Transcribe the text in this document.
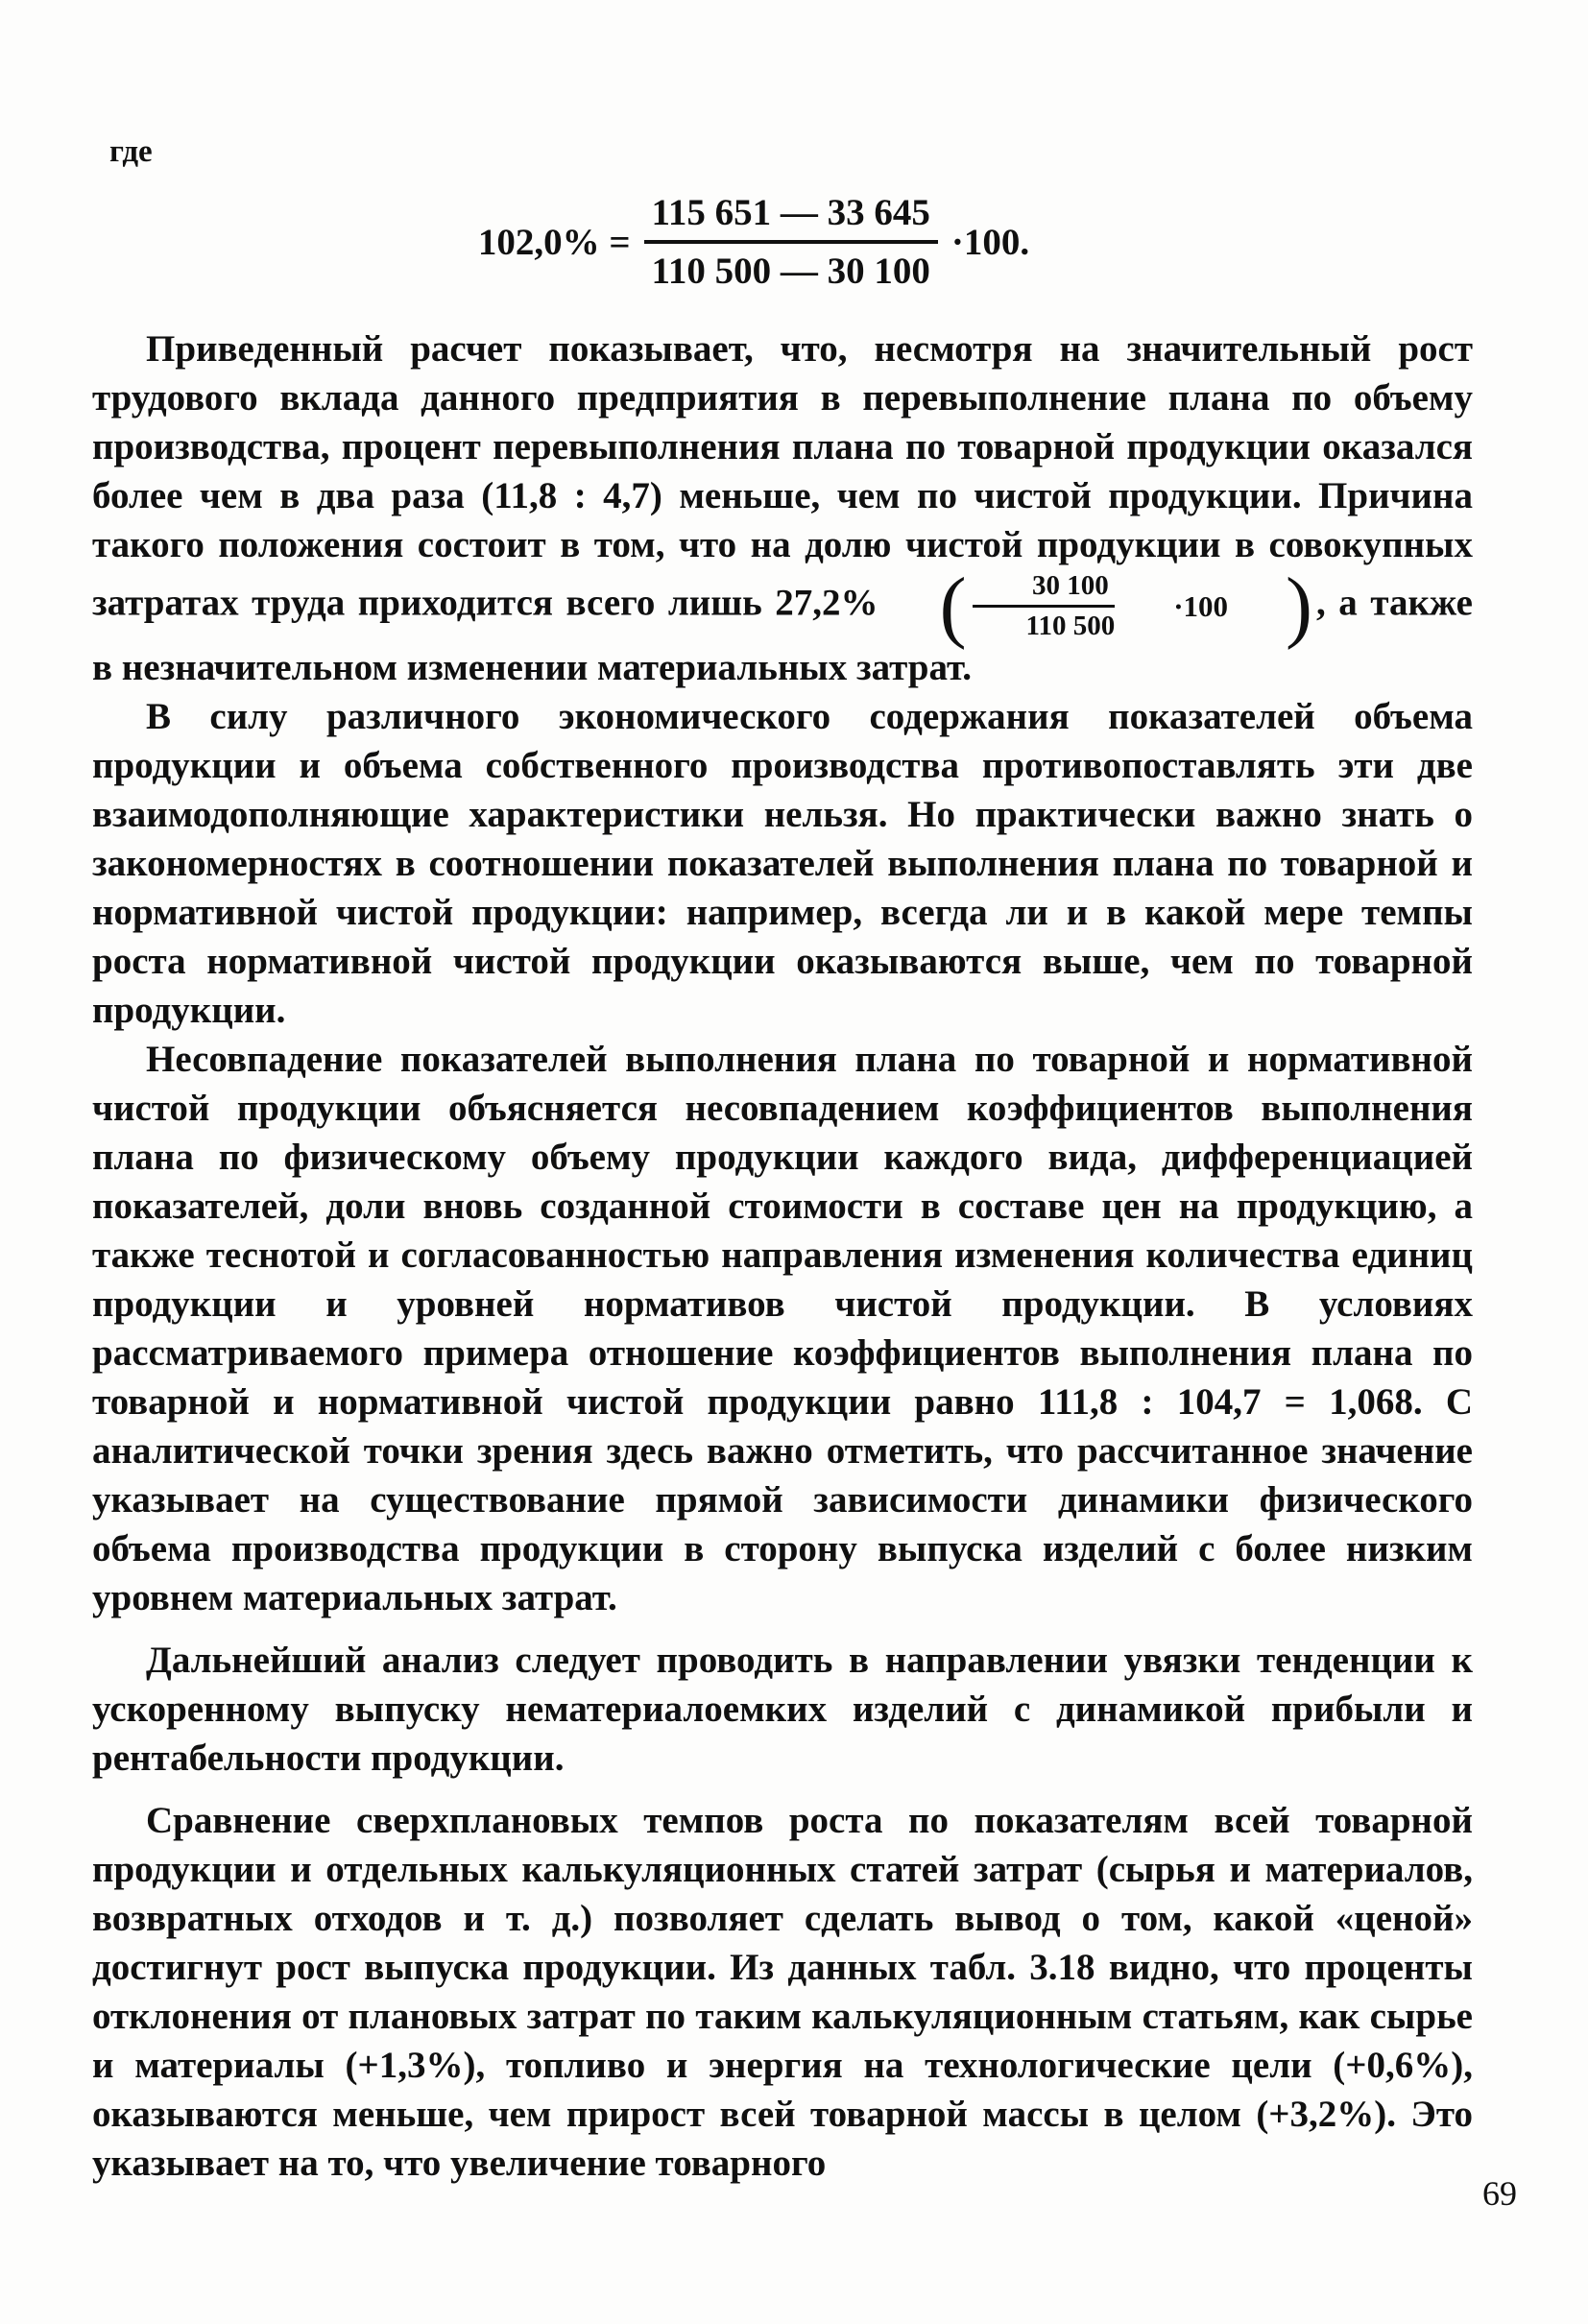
где
$102,0\% = \frac{115 651 — 33 645}{110 500 — 30 100} \cdot 100$.

Приведенный расчет показывает, что, несмотря на значительный рост трудового вклада данного предприятия в перевыполнение плана по объему производства, процент перевыполнения плана по товарной продукции оказался более чем в два раза (11,8 : 4,7) меньше, чем по чистой продукции. Причина такого положения состоит в том, что на долю чистой продукции в совокупных затратах труда приходится всего лишь 27,2% ( $\frac{30 100}{110 500}$	·100 ) , а также в незначительном изменении материальных затрат.

В силу различного экономического содержания показателей объема продукции и объема собственного производства противопоставлять эти две взаимодополняющие характеристики нельзя. Но практически важно знать о закономерностях в соотношении показателей выполнения плана по товарной и нормативной чистой продукции: например, всегда ли и в какой мере темпы роста нормативной чистой продукции оказываются выше, чем по товарной продукции.

Несовпадение показателей выполнения плана по товарной и нормативной чистой продукции объясняется несовпадением коэффициентов выполнения плана по физическому объему продукции каждого вида, дифференциацией показателей, доли вновь созданной стоимости в составе цен на продукцию, а также теснотой и согласованностью направления изменения количества единиц продукции и уровней нормативов чистой продукции. В условиях рассматриваемого примера отношение коэффициентов выполнения плана по товарной и нормативной чистой продукции равно 111,8 : 104,7 = 1,068. С аналитической точки зрения здесь важно отметить, что рассчитанное значение указывает на существование прямой зависимости динамики физического объема производства продукции в сторону выпуска изделий с более низким уровнем материальных затрат.

Дальнейший анализ следует проводить в направлении увязки тенденции к ускоренному выпуску нематериалоемких изделий с динамикой прибыли и рентабельности продукции.

Сравнение сверхплановых темпов роста по показателям всей товарной продукции и отдельных калькуляционных статей затрат (сырья и материалов, возвратных отходов и т. д.) позволяет сделать вывод о том, какой «ценой» достигнут рост выпуска продукции. Из данных табл. 3.18 видно, что проценты отклонения от плановых затрат по таким калькуляционным статьям, как сырье и материалы (+1,3%), топливо и энергия на технологические цели (+0,6%), оказываются меньше, чем прирост всей товарной массы в целом (+3,2%). Это указывает на то, что увеличение товарного

69
